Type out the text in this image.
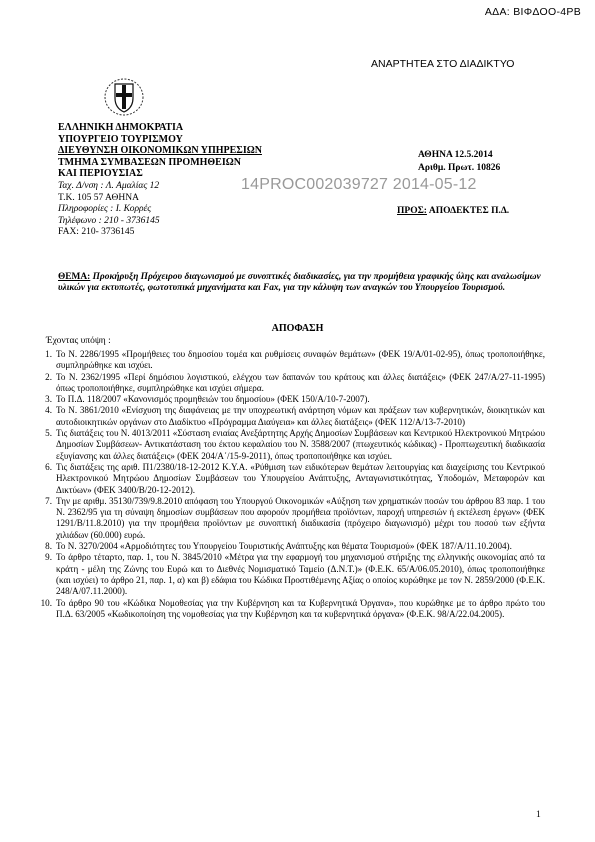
ΑΔΑ: ΒΙΦΔΟΟ-4ΡΒ
ΑΝΑΡΤΗΤΕΑ ΣΤΟ ΔΙΑΔΙΚΤΥΟ
ΕΛΛΗΝΙΚΗ ΔΗΜΟΚΡΑΤΙΑ
ΥΠΟΥΡΓΕΙΟ ΤΟΥΡΙΣΜΟΥ
ΔΙΕΥΘΥΝΣΗ ΟΙΚΟΝΟΜΙΚΩΝ ΥΠΗΡΕΣΙΩΝ
ΤΜΗΜΑ ΣΥΜΒΑΣΕΩΝ ΠΡΟΜΗΘΕΙΩΝ
ΚΑΙ ΠΕΡΙΟΥΣΙΑΣ
ΑΘΗΝΑ 12.5.2014
Αριθμ. Πρωτ. 10826
14PROC002039727 2014-05-12
Ταχ. Δ/νση : Λ. Αμαλίας 12
Τ.Κ. 105 57 ΑΘΗΝΑ
Πληροφορίες : Ι. Κορρές
Τηλέφωνο : 210 - 3736145
FAX: 210- 3736145
ΠΡΟΣ: ΑΠΟΔΕΚΤΕΣ Π.Δ.
ΘΕΜΑ: Προκήρυξη Πρόχειρου διαγωνισμού με συνοπτικές διαδικασίες, για την προμήθεια γραφικής ύλης και αναλωσίμων υλικών για εκτυπωτές, φωτοτυπικά μηχανήματα και Fax, για την κάλυψη των αναγκών του Υπουργείου Τουρισμού.
ΑΠΟΦΑΣΗ
Έχοντας υπόψη :
1. Το Ν. 2286/1995 «Προμήθειες του δημοσίου τομέα και ρυθμίσεις συναφών θεμάτων» (ΦΕΚ 19/Α/01-02-95), όπως τροποποιήθηκε, συμπληρώθηκε και ισχύει.
2. Το Ν. 2362/1995 «Περί δημόσιου λογιστικού, ελέγχου των δαπανών του κράτους και άλλες διατάξεις» (ΦΕΚ 247/Α/27-11-1995) όπως τροποποιήθηκε, συμπληρώθηκε και ισχύει σήμερα.
3. Το Π.Δ. 118/2007 «Κανονισμός προμηθειών του δημοσίου» (ΦΕΚ 150/Α/10-7-2007).
4. Το Ν. 3861/2010 «Ενίσχυση της διαφάνειας με την υποχρεωτική ανάρτηση νόμων και πράξεων των κυβερνητικών, διοικητικών και αυτοδιοικητικών οργάνων στο Διαδίκτυο «Πρόγραμμα Διαύγεια» και άλλες διατάξεις» (ΦΕΚ 112/Α/13-7-2010)
5. Τις διατάξεις του Ν. 4013/2011 «Σύσταση ενιαίας Ανεξάρτητης Αρχής Δημοσίων Συμβάσεων και Κεντρικού Ηλεκτρονικού Μητρώου Δημοσίων Συμβάσεων- Αντικατάσταση του έκτου κεφαλαίου του Ν. 3588/2007 (πτωχευτικός κώδικας) - Προπτωχευτική διαδικασία εξυγίανσης και άλλες διατάξεις» (ΦΕΚ 204/Α΄/15-9-2011), όπως τροποποιήθηκε και ισχύει.
6. Τις διατάξεις της αριθ. Π1/2380/18-12-2012 Κ.Υ.Α. «Ρύθμιση των ειδικότερων θεμάτων λειτουργίας και διαχείρισης του Κεντρικού Ηλεκτρονικού Μητρώου Δημοσίων Συμβάσεων του Υπουργείου Ανάπτυξης, Ανταγωνιστικότητας, Υποδομών, Μεταφορών και Δικτύων» (ΦΕΚ 3400/Β/20-12-2012).
7. Την με αριθμ. 35130/739/9.8.2010 απόφαση του Υπουργού Οικονομικών «Αύξηση των χρηματικών ποσών του άρθρου 83 παρ. 1 του Ν. 2362/95 για τη σύναψη δημοσίων συμβάσεων που αφορούν προμήθεια προϊόντων, παροχή υπηρεσιών ή εκτέλεση έργων» (ΦΕΚ 1291/Β/11.8.2010) για την προμήθεια προϊόντων με συνοπτική διαδικασία (πρόχειρο διαγωνισμό) μέχρι του ποσού των εξήντα χιλιάδων (60.000) ευρώ.
8. Το Ν. 3270/2004 «Αρμοδιότητες του Υπουργείου Τουριστικής Ανάπτυξης και θέματα Τουρισμού» (ΦΕΚ 187/Α/11.10.2004).
9. Το άρθρο τέταρτο, παρ. 1, του Ν. 3845/2010 «Μέτρα για την εφαρμογή του μηχανισμού στήριξης της ελληνικής οικονομίας από τα κράτη - μέλη της Ζώνης του Ευρώ και το Διεθνές Νομισματικό Ταμείο (Δ.Ν.Τ.)» (Φ.Ε.Κ. 65/Α/06.05.2010), όπως τροποποιήθηκε (και ισχύει) το άρθρο 21, παρ. 1, α) και β) εδάφια του Κώδικα Προστιθέμενης Αξίας ο οποίος κυρώθηκε με τον Ν. 2859/2000 (Φ.Ε.Κ. 248/Α/07.11.2000).
10. Το άρθρο 90 του «Κώδικα Νομοθεσίας για την Κυβέρνηση και τα Κυβερνητικά Όργανα», που κυρώθηκε με το άρθρο πρώτο του Π.Δ. 63/2005 «Κωδικοποίηση της νομοθεσίας για την Κυβέρνηση και τα κυβερνητικά όργανα» (Φ.Ε.Κ. 98/Α/22.04.2005).
1
